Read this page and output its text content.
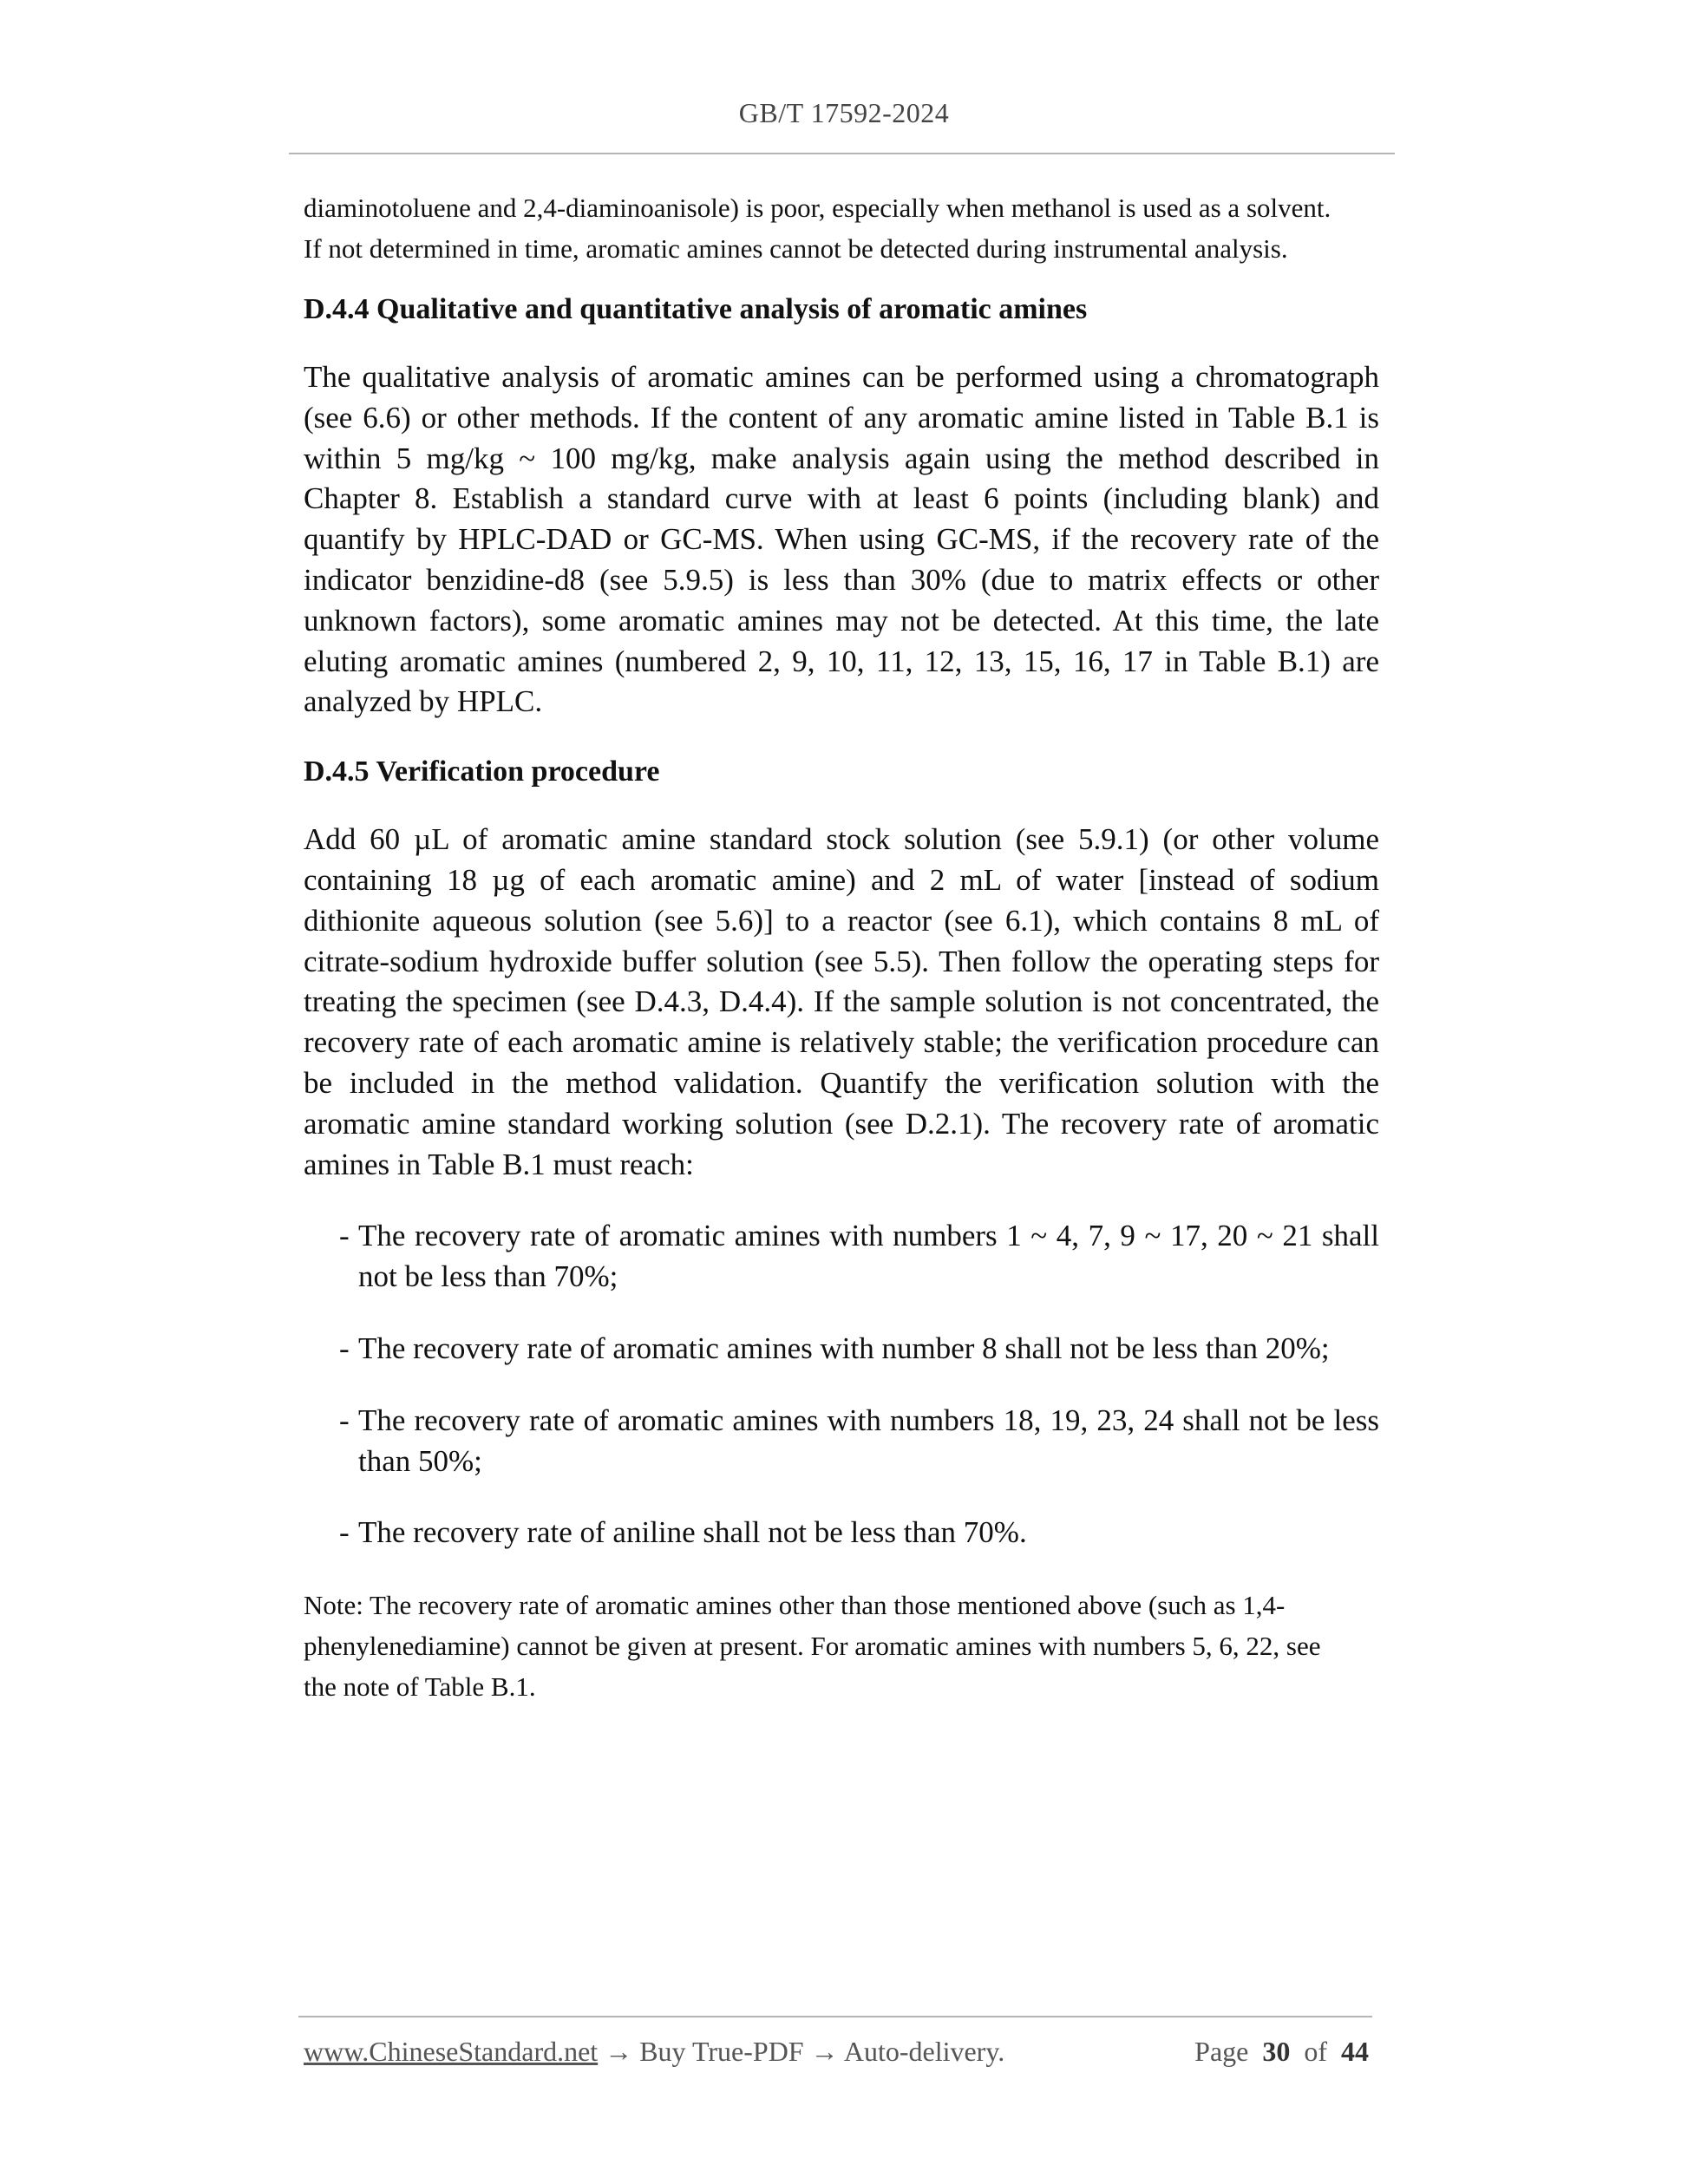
GB/T 17592-2024
diaminotoluene and 2,4-diaminoanisole) is poor, especially when methanol is used as a solvent.
If not determined in time, aromatic amines cannot be detected during instrumental analysis.
D.4.4 Qualitative and quantitative analysis of aromatic amines

The qualitative analysis of aromatic amines can be performed using a chromatograph (see 6.6) or other methods. If the content of any aromatic amine listed in Table B.1 is within 5 mg/kg ~ 100 mg/kg, make analysis again using the method described in Chapter 8. Establish a standard curve with at least 6 points (including blank) and quantify by HPLC-DAD or GC-MS. When using GC-MS, if the recovery rate of the indicator benzidine-d8 (see 5.9.5) is less than 30% (due to matrix effects or other unknown factors), some aromatic amines may not be detected. At this time, the late eluting aromatic amines (numbered 2, 9, 10, 11, 12, 13, 15, 16, 17 in Table B.1) are analyzed by HPLC.

D.4.5 Verification procedure

Add 60 µL of aromatic amine standard stock solution (see 5.9.1) (or other volume containing 18 µg of each aromatic amine) and 2 mL of water [instead of sodium dithionite aqueous solution (see 5.6)] to a reactor (see 6.1), which contains 8 mL of citrate-sodium hydroxide buffer solution (see 5.5). Then follow the operating steps for treating the specimen (see D.4.3, D.4.4). If the sample solution is not concentrated, the recovery rate of each aromatic amine is relatively stable; the verification procedure can be included in the method validation. Quantify the verification solution with the aromatic amine standard working solution (see D.2.1). The recovery rate of aromatic amines in Table B.1 must reach:

- The recovery rate of aromatic amines with numbers 1 ~ 4, 7, 9 ~ 17, 20 ~ 21 shall not be less than 70%;
- The recovery rate of aromatic amines with number 8 shall not be less than 20%;
- The recovery rate of aromatic amines with numbers 18, 19, 23, 24 shall not be less than 50%;
- The recovery rate of aniline shall not be less than 70%.
Note: The recovery rate of aromatic amines other than those mentioned above (such as 1,4-
phenylenediamine) cannot be given at present. For aromatic amines with numbers 5, 6, 22, see
the note of Table B.1.
www.ChineseStandard.net → Buy True-PDF → Auto-delivery.	Page 30 of 44
